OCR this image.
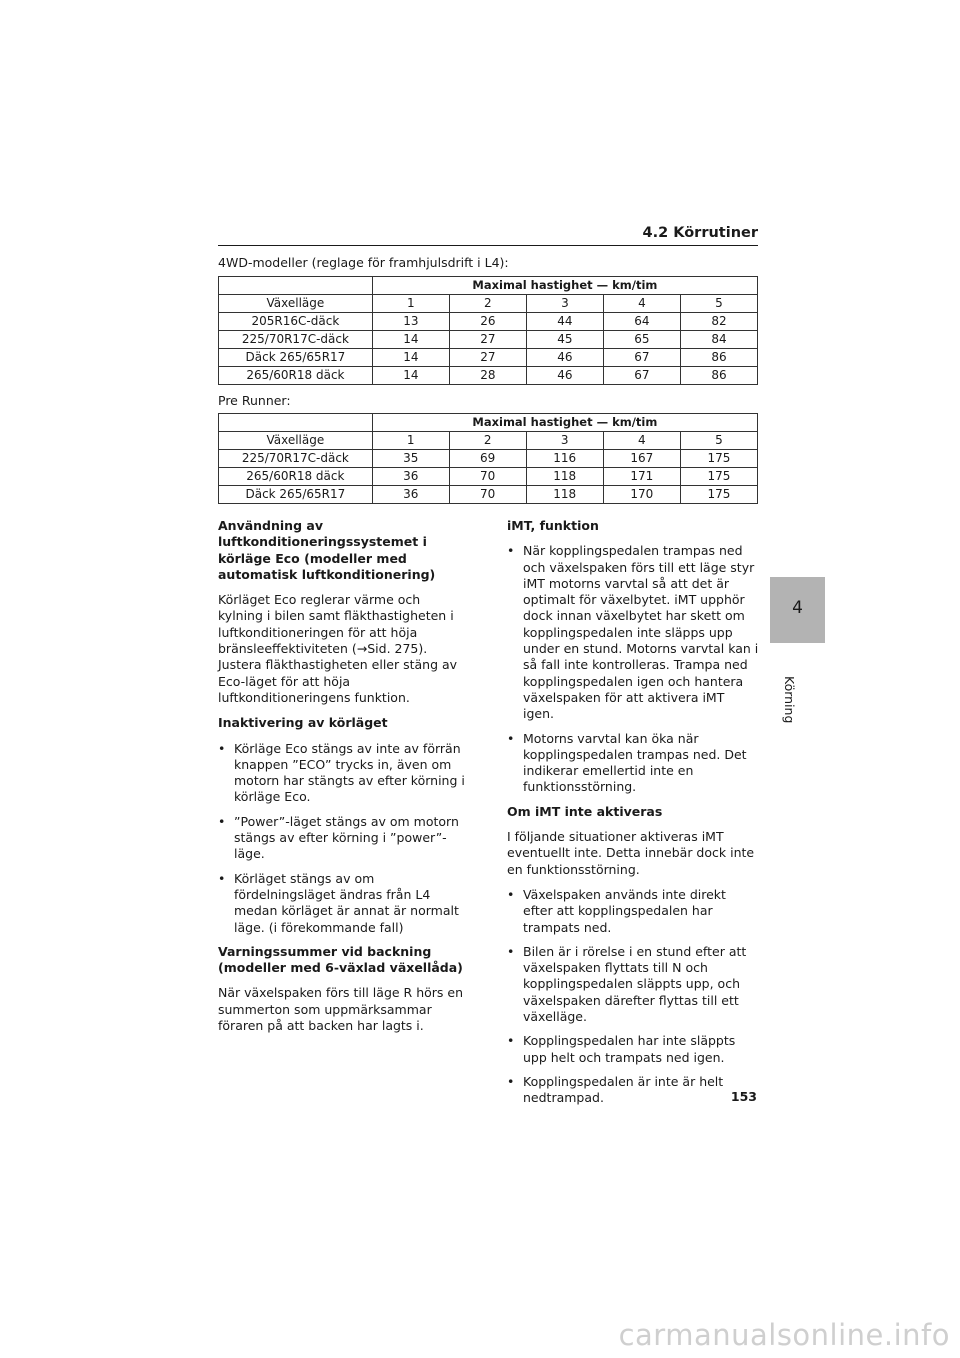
4.2 Körrutiner
4WD-modeller (reglage för framhjulsdrift i L4):
	Maximal hastighet — km/tim				
Växelläge	1	2	3	4	5
205R16C-däck	13	26	44	64	82
225/70R17C-däck	14	27	45	65	84
Däck 265/65R17	14	27	46	67	86
265/60R18 däck	14	28	46	67	86
Pre Runner:
	Maximal hastighet — km/tim				
Växelläge	1	2	3	4	5
225/70R17C-däck	35	69	116	167	175
265/60R18 däck	36	70	118	171	175
Däck 265/65R17	36	70	118	170	175
Användning av luftkonditioneringssystemet i körläge Eco (modeller med automatisk luftkonditionering)

Körläget Eco reglerar värme och kylning i bilen samt fläkthastigheten i luftkonditioneringen för att höja bränsleeffektiviteten (→Sid. 275). Justera fläkthastigheten eller stäng av Eco-läget för att höja luftkonditioneringens funktion.

Inaktivering av körläget
• Körläge Eco stängs av inte av förrän knappen ”ECO” trycks in, även om motorn har stängts av efter körning i körläge Eco.
• ”Power”-läget stängs av om motorn stängs av efter körning i ”power”-läge.
• Körläget stängs av om fördelningsläget ändras från L4 medan körläget är annat är normalt läge. (i förekommande fall)
Varningssummer vid backning (modeller med 6-växlad växellåda)

När växelspaken förs till läge R hörs en summerton som uppmärksammar föraren på att backen har lagts i.

iMT, funktion
• När kopplingspedalen trampas ned och växelspaken förs till ett läge styr iMT motorns varvtal så att det är optimalt för växelbytet. iMT upphör dock innan växelbytet har skett om kopplingspedalen inte släpps upp under en stund. Motorns varvtal kan i så fall inte kontrolleras. Trampa ned kopplingspedalen igen och hantera växelspaken för att aktivera iMT igen.
• Motorns varvtal kan öka när kopplingspedalen trampas ned. Det indikerar emellertid inte en funktionsstörning.
Om iMT inte aktiveras

I följande situationer aktiveras iMT eventuellt inte. Detta innebär dock inte en funktionsstörning.

• Växelspaken används inte direkt efter att kopplingspedalen har trampats ned.
• Bilen är i rörelse i en stund efter att växelspaken flyttats till N och kopplingspedalen släppts upp, och växelspaken därefter flyttas till ett växelläge.
• Kopplingspedalen har inte släppts upp helt och trampats ned igen.
• Kopplingspedalen är inte är helt nedtrampad.
4
Körning
153
carmanualsonline.info
